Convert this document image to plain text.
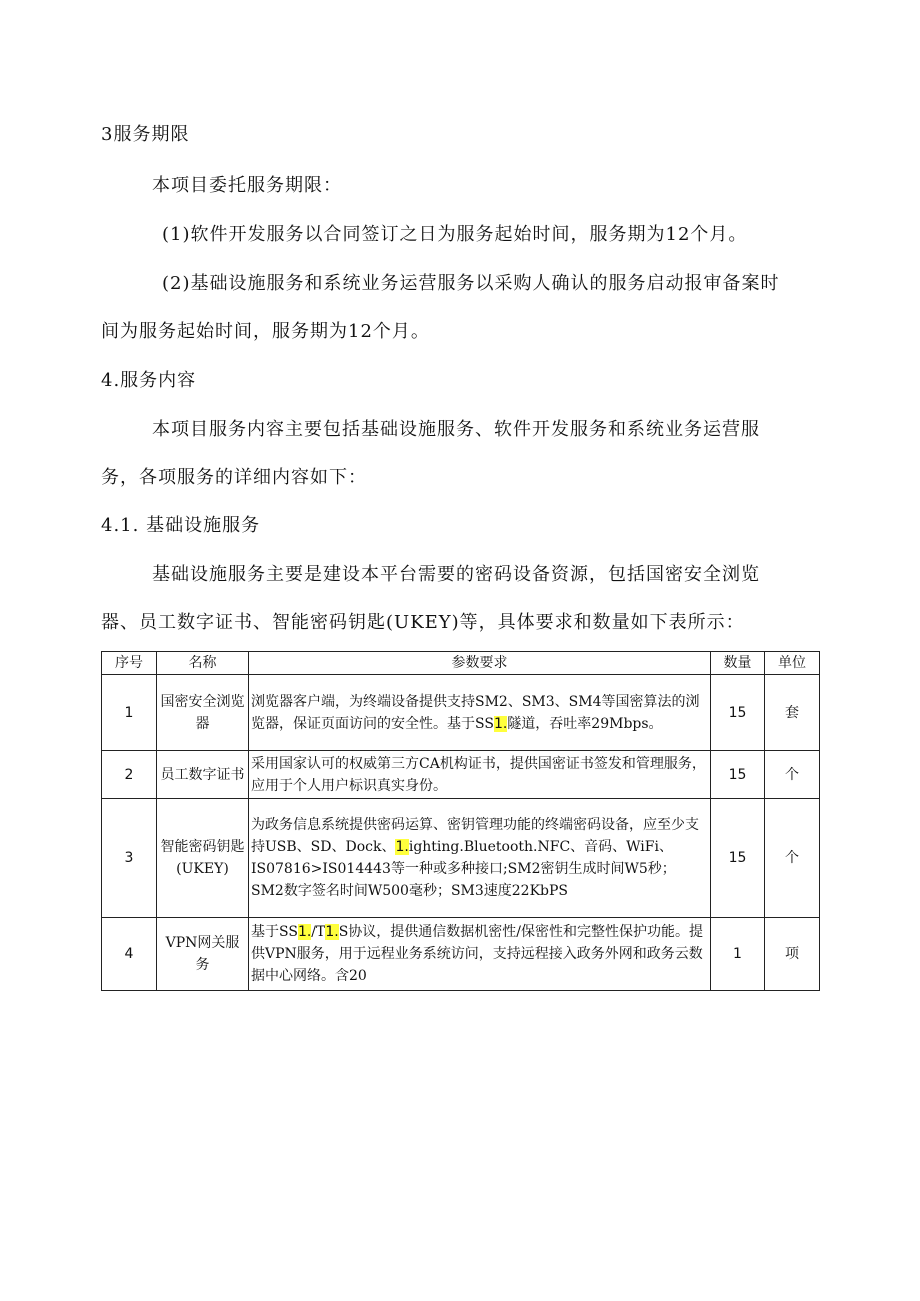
3服务期限
本项目委托服务期限：
(1)软件开发服务以合同签订之日为服务起始时间，服务期为12个月。
(2)基础设施服务和系统业务运营服务以采购人确认的服务启动报审备案时
间为服务起始时间，服务期为12个月。
4.服务内容
本项目服务内容主要包括基础设施服务、软件开发服务和系统业务运营服
务，各项服务的详细内容如下：
4.1. 基础设施服务
基础设施服务主要是建设本平台需要的密码设备资源，包括国密安全浏览
器、员工数字证书、智能密码钥匙(UKEY)等，具体要求和数量如下表所示：
序号	名称	参数要求	数量	单位
1	国密安全浏览器	浏览器客户端，为终端设备提供支持SM2、SM3、SM4等国密算法的浏览器，保证页面访问的安全性。基于SS1.隧道，吞吐率29Mbps。	15	套
2	员工数字证书	采用国家认可的权威第三方CA机构证书，提供国密证书签发和管理服务，应用于个人用户标识真实身份。	15	个
3	智能密码钥匙(UKEY)	为政务信息系统提供密码运算、密钥管理功能的终端密码设备，应至少支持USB、SD、Dock、1.ighting.Bluetooth.NFC、音码、WiFi、IS07816>IS014443等一种或多种接口;SM2密钥生成时间W5秒；SM2数字签名时间W500毫秒；SM3速度22KbPS	15	个
4	VPN网关服务	基于SS1./T1.S协议，提供通信数据机密性/保密性和完整性保护功能。提供VPN服务，用于远程业务系统访问，支持远程接入政务外网和政务云数据中心网络。含20	1	项
